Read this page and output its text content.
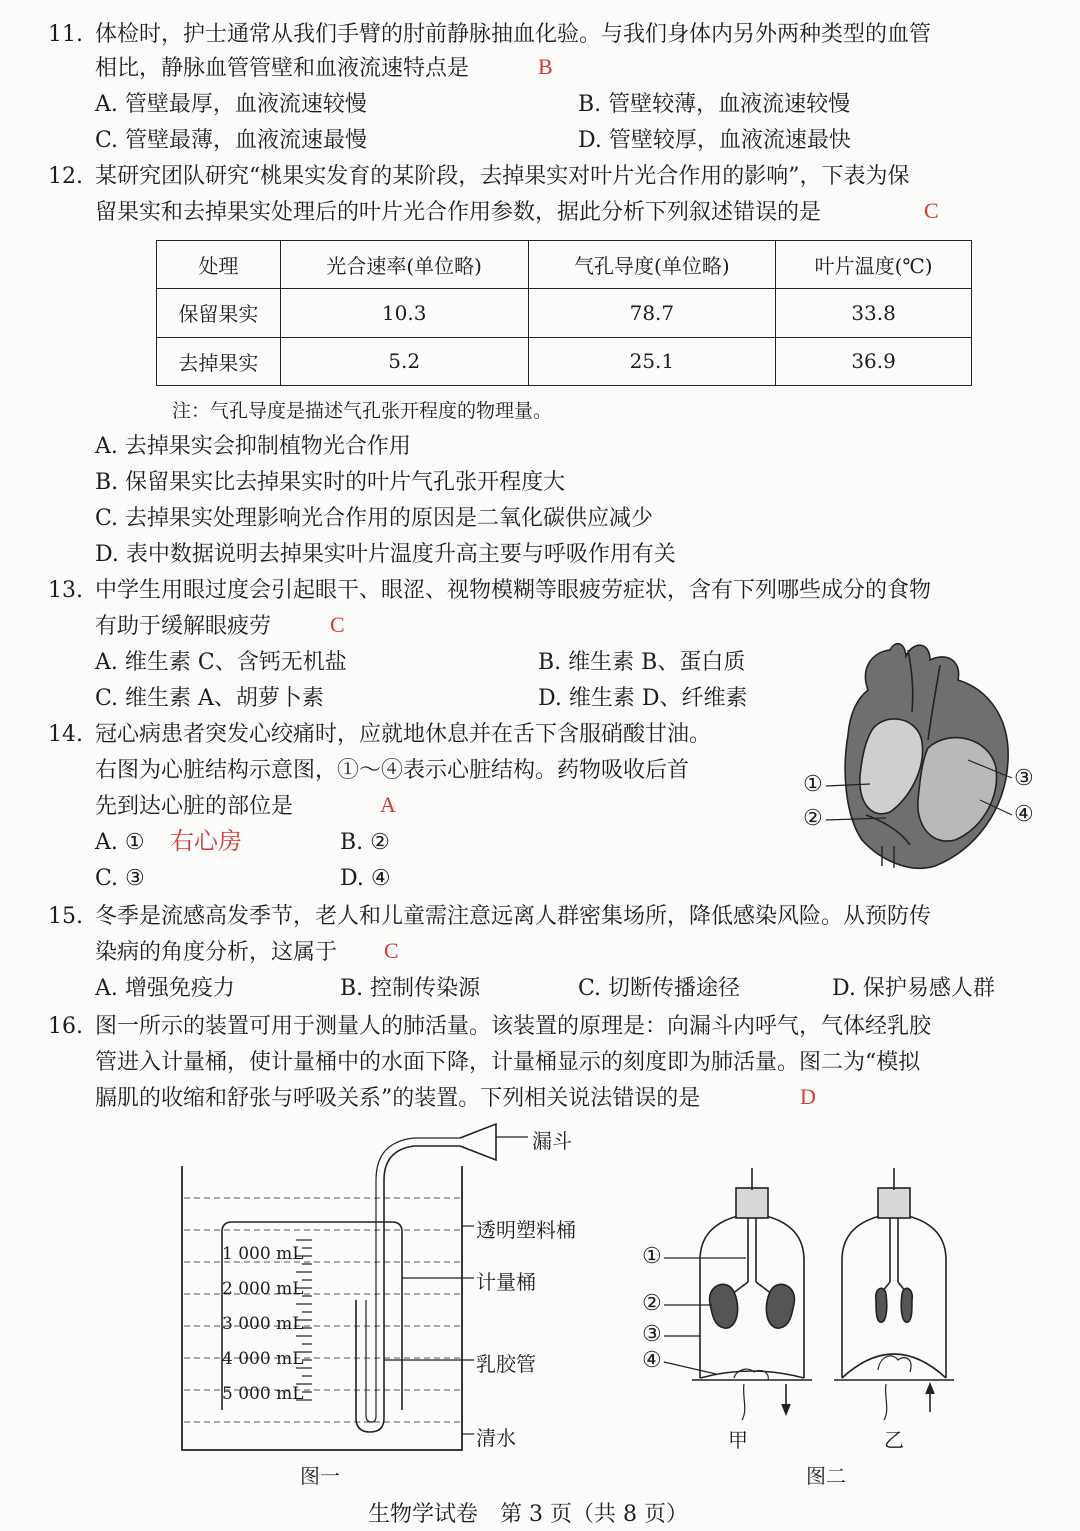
11. 体检时，护士通常从我们手臂的肘前静脉抽血化验。与我们身体内另外两种类型的血管
相比，静脉血管管壁和血液流速特点是	B
A. 管壁最厚，血液流速较慢	B. 管壁较薄，血液流速较慢
C. 管壁最薄，血液流速最慢	D. 管壁较厚，血液流速最快
12. 某研究团队研究“桃果实发育的某阶段，去掉果实对叶片光合作用的影响”，下表为保
留果实和去掉果实处理后的叶片光合作用参数，据此分析下列叙述错误的是	C
处理	光合速率(单位略)	气孔导度(单位略)	叶片温度(℃)
保留果实	10.3	78.7	33.8
去掉果实	5.2	25.1	36.9
注：气孔导度是描述气孔张开程度的物理量。
A. 去掉果实会抑制植物光合作用
B. 保留果实比去掉果实时的叶片气孔张开程度大
C. 去掉果实处理影响光合作用的原因是二氧化碳供应减少
D. 表中数据说明去掉果实叶片温度升高主要与呼吸作用有关
13. 中学生用眼过度会引起眼干、眼涩、视物模糊等眼疲劳症状，含有下列哪些成分的食物
有助于缓解眼疲劳	C
A. 维生素 C、含钙无机盐	B. 维生素 B、蛋白质
C. 维生素 A、胡萝卜素	D. 维生素 D、纤维素
14. 冠心病患者突发心绞痛时，应就地休息并在舌下含服硝酸甘油。
右图为心脏结构示意图，①～④表示心脏结构。药物吸收后首
先到达心脏的部位是	A
A. ① 右心房	B. ②
C. ③	D. ④
①
②
③
④
15. 冬季是流感高发季节，老人和儿童需注意远离人群密集场所，降低感染风险。从预防传
染病的角度分析，这属于 C
A. 增强免疫力	B. 控制传染源	C. 切断传播途径	D. 保护易感人群
16. 图一所示的装置可用于测量人的肺活量。该装置的原理是：向漏斗内呼气，气体经乳胶
管进入计量桶，使计量桶中的水面下降，计量桶显示的刻度即为肺活量。图二为“模拟
膈肌的收缩和舒张与呼吸关系”的装置。下列相关说法错误的是	D
漏斗
透明塑料桶
计量桶
乳胶管
清水
1 000 mL
2 000 mL
3 000 mL
4 000 mL
5 000 mL
图一
①
②
③
④
甲	乙
图二
生物学试卷　第 3 页（共 8 页）
